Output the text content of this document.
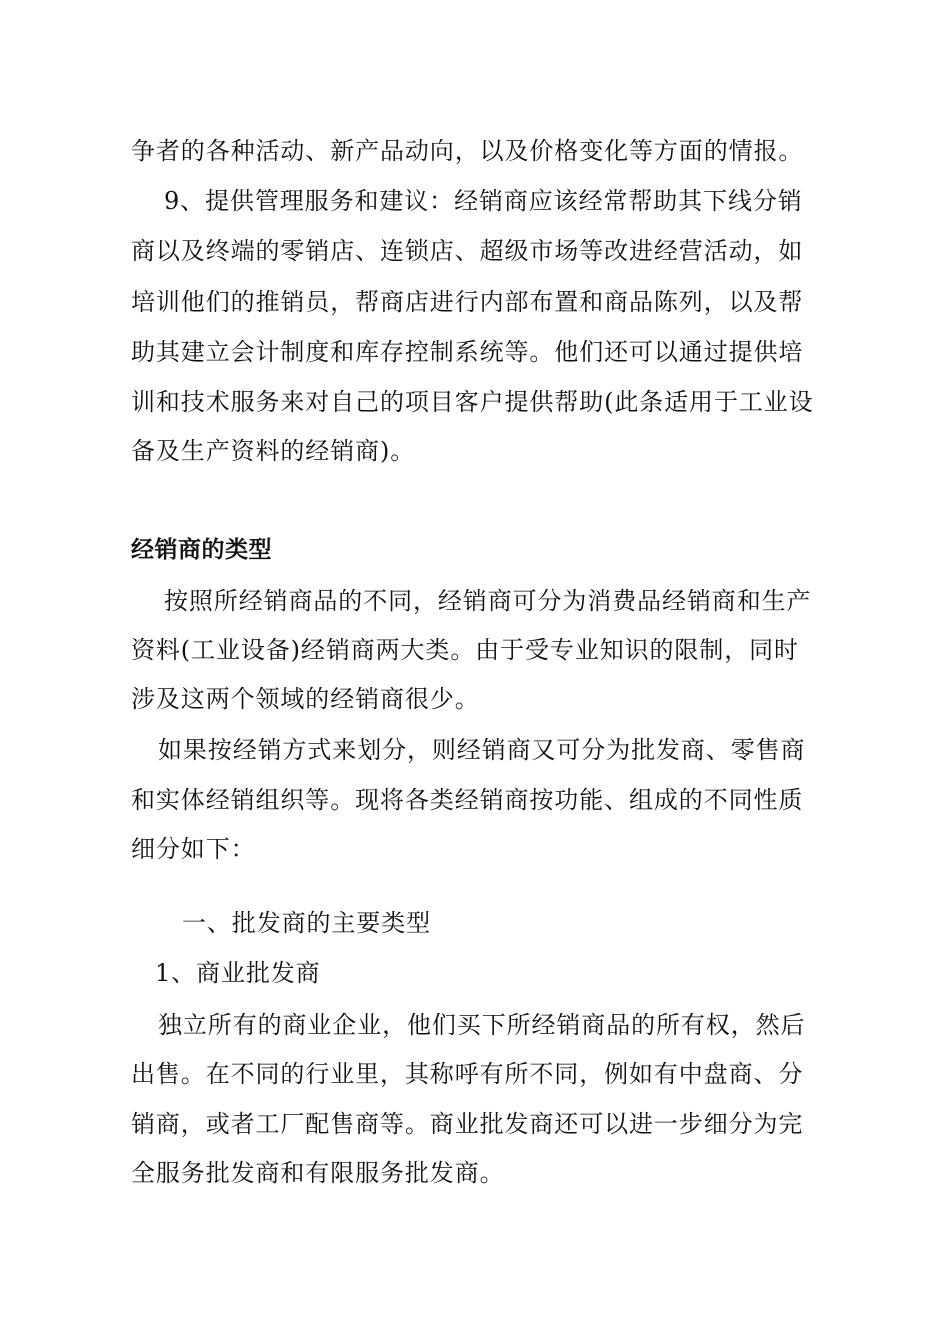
争者的各种活动、新产品动向，以及价格变化等方面的情报。
9、提供管理服务和建议：经销商应该经常帮助其下线分销
商以及终端的零销店、连锁店、超级市场等改进经营活动，如
培训他们的推销员，帮商店进行内部布置和商品陈列，以及帮
助其建立会计制度和库存控制系统等。他们还可以通过提供培
训和技术服务来对自己的项目客户提供帮助(此条适用于工业设
备及生产资料的经销商)。
经销商的类型
按照所经销商品的不同，经销商可分为消费品经销商和生产
资料(工业设备)经销商两大类。由于受专业知识的限制，同时
涉及这两个领域的经销商很少。
如果按经销方式来划分，则经销商又可分为批发商、零售商
和实体经销组织等。现将各类经销商按功能、组成的不同性质
细分如下：
一、批发商的主要类型
1、商业批发商
独立所有的商业企业，他们买下所经销商品的所有权，然后
出售。在不同的行业里，其称呼有所不同，例如有中盘商、分
销商，或者工厂配售商等。商业批发商还可以进一步细分为完
全服务批发商和有限服务批发商。
